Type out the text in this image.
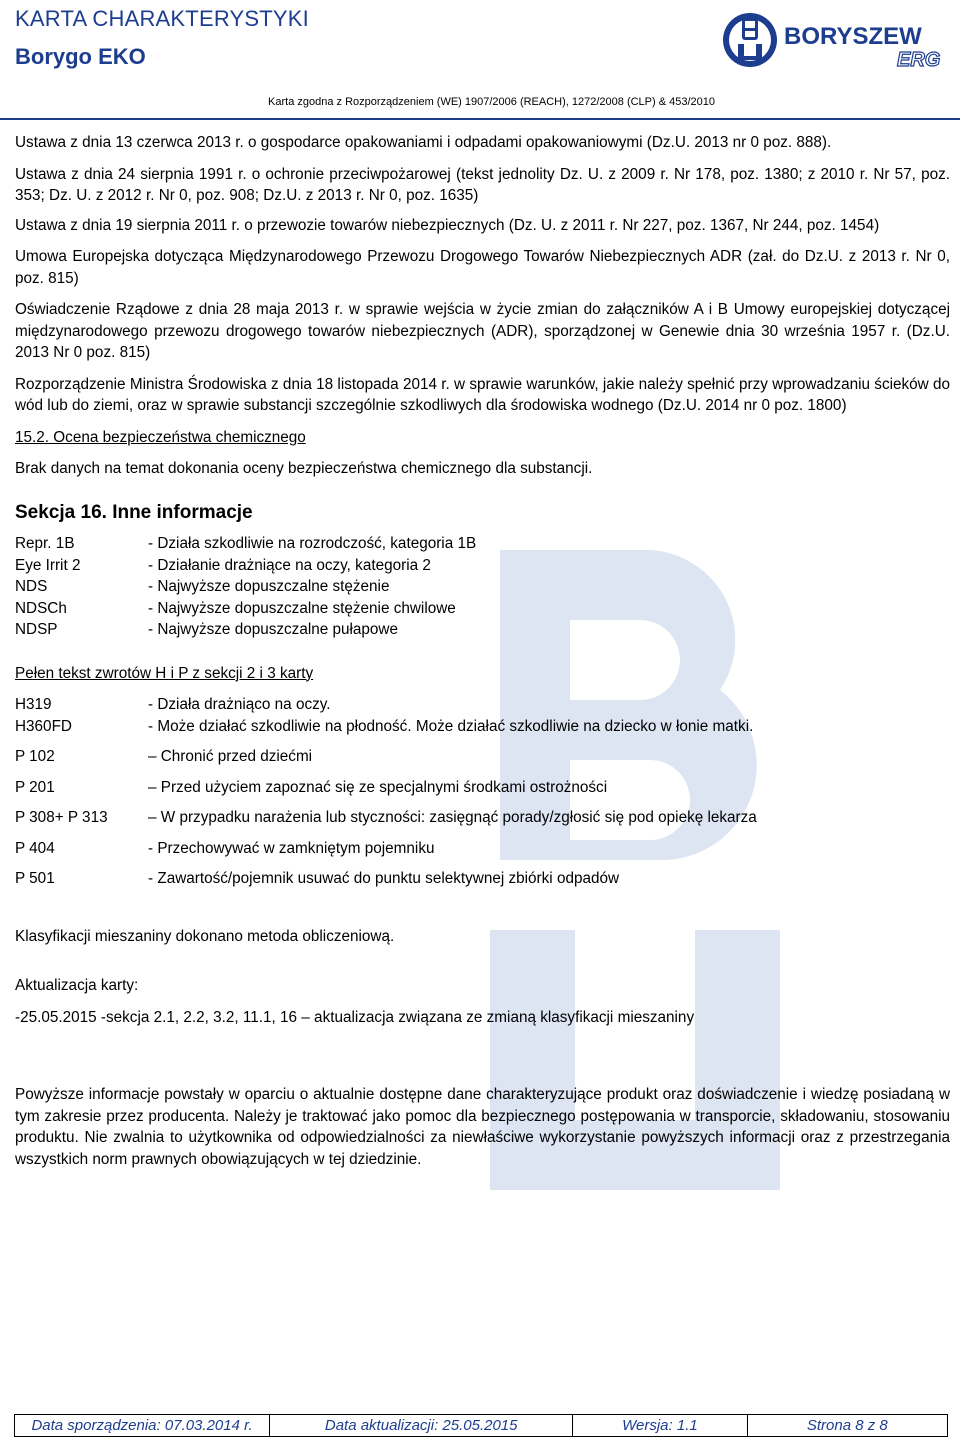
KARTA CHARAKTERYSTYKI
Borygo EKO
Karta zgodna z Rozporządzeniem (WE) 1907/2006 (REACH), 1272/2008 (CLP) & 453/2010
BORYSZEW
ERG

Ustawa z dnia 13 czerwca 2013 r. o gospodarce opakowaniami i odpadami opakowaniowymi (Dz.U. 2013 nr 0 poz. 888).

Ustawa z dnia 24 sierpnia 1991 r. o ochronie przeciwpożarowej (tekst jednolity Dz. U. z 2009 r. Nr 178, poz. 1380; z 2010 r. Nr 57, poz. 353; Dz. U. z 2012 r. Nr 0, poz. 908; Dz.U. z 2013 r. Nr 0, poz. 1635)

Ustawa z dnia 19 sierpnia 2011 r. o przewozie towarów niebezpiecznych (Dz. U. z 2011 r. Nr 227, poz. 1367, Nr 244, poz. 1454)

Umowa Europejska dotycząca Międzynarodowego Przewozu Drogowego Towarów Niebezpiecznych ADR (zał. do Dz.U. z 2013 r. Nr 0, poz. 815)

Oświadczenie Rządowe z dnia 28 maja 2013 r. w sprawie wejścia w życie zmian do załączników A i B Umowy europejskiej dotyczącej międzynarodowego przewozu drogowego towarów niebezpiecznych (ADR), sporządzonej w Genewie dnia 30 września 1957 r. (Dz.U. 2013 Nr 0 poz. 815)

Rozporządzenie Ministra Środowiska z dnia 18 listopada 2014 r. w sprawie warunków, jakie należy spełnić przy wprowadzaniu ścieków do wód lub do ziemi, oraz w sprawie substancji szczególnie szkodliwych dla środowiska wodnego (Dz.U. 2014 nr 0 poz. 1800)

15.2. Ocena bezpieczeństwa chemicznego

Brak danych na temat dokonania oceny bezpieczeństwa chemicznego dla substancji.

Sekcja 16. Inne informacje

Repr. 1B	- Działa szkodliwie na rozrodczość, kategoria 1B
Eye Irrit 2	- Działanie drażniące na oczy, kategoria 2
NDS	- Najwyższe dopuszczalne stężenie
NDSCh	- Najwyższe dopuszczalne stężenie chwilowe
NDSP	- Najwyższe dopuszczalne pułapowe

Pełen tekst zwrotów H i P z sekcji 2 i 3 karty

H319	- Działa drażniąco na oczy.
H360FD	- Może działać szkodliwie na płodność. Może działać szkodliwie na dziecko w łonie matki.
P 102	– Chronić przed dziećmi
P 201	– Przed użyciem zapoznać się ze specjalnymi środkami ostrożności
P 308+ P 313	– W przypadku narażenia lub styczności: zasięgnąć porady/zgłosić się pod opiekę lekarza
P 404	- Przechowywać w zamkniętym pojemniku
P 501	- Zawartość/pojemnik usuwać do punktu selektywnej zbiórki odpadów

Klasyfikacji mieszaniny dokonano metoda obliczeniową.

Aktualizacja karty:

-25.05.2015 -sekcja 2.1, 2.2, 3.2, 11.1, 16 – aktualizacja związana ze zmianą klasyfikacji mieszaniny

Powyższe informacje powstały w oparciu o aktualnie dostępne dane charakteryzujące produkt oraz doświadczenie i wiedzę posiadaną w tym zakresie przez producenta. Należy je traktować jako pomoc dla bezpiecznego postępowania w transporcie, składowaniu, stosowaniu produktu. Nie zwalnia to użytkownika od odpowiedzialności za niewłaściwe wykorzystanie powyższych informacji oraz z przestrzegania wszystkich norm prawnych obowiązujących w tej dziedzinie.

Data sporządzenia: 07.03.2014 r.	Data aktualizacji: 25.05.2015	Wersja: 1.1	Strona 8 z 8
